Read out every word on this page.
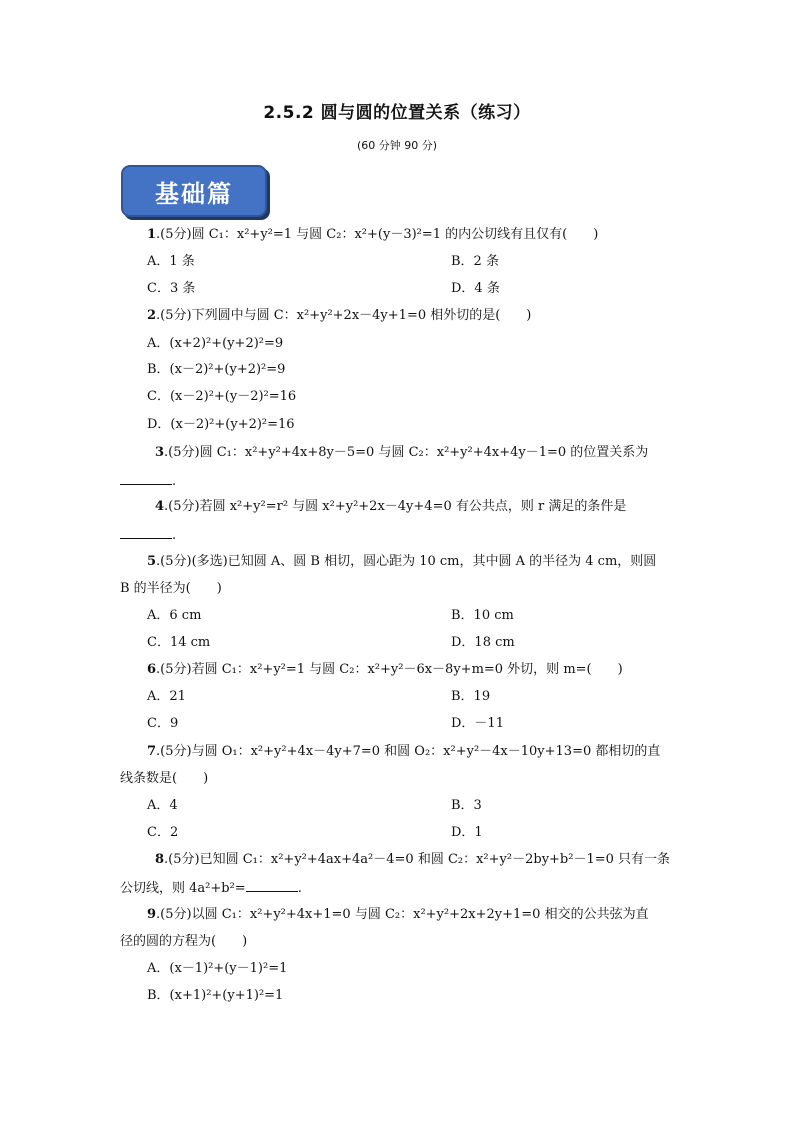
2.5.2 圆与圆的位置关系（练习）
(60 分钟 90 分)
基础篇
1.(5分)圆 C₁：x²+y²=1 与圆 C₂：x²+(y－3)²=1 的内公切线有且仅有(　　)
A．1 条	B．2 条
C．3 条	D．4 条
2.(5分)下列圆中与圆 C：x²+y²+2x－4y+1=0 相外切的是(　　)
A．(x+2)²+(y+2)²=9
B．(x－2)²+(y+2)²=9
C．(x－2)²+(y－2)²=16
D．(x－2)²+(y+2)²=16
3.(5分)圆 C₁：x²+y²+4x+8y－5=0 与圆 C₂：x²+y²+4x+4y－1=0 的位置关系为
.
4.(5分)若圆 x²+y²=r² 与圆 x²+y²+2x－4y+4=0 有公共点，则 r 满足的条件是
.
5.(5分)(多选)已知圆 A、圆 B 相切，圆心距为 10 cm，其中圆 A 的半径为 4 cm，则圆
B 的半径为(　　)
A．6 cm	B．10 cm
C．14 cm	D．18 cm
6.(5分)若圆 C₁：x²+y²=1 与圆 C₂：x²+y²－6x－8y+m=0 外切，则 m=(　　)
A．21	B．19
C．9	D．－11
7.(5分)与圆 O₁：x²+y²+4x－4y+7=0 和圆 O₂：x²+y²－4x－10y+13=0 都相切的直
线条数是(　　)
A．4	B．3
C．2	D．1
8.(5分)已知圆 C₁：x²+y²+4ax+4a²－4=0 和圆 C₂：x²+y²－2by+b²－1=0 只有一条
公切线，则 4a²+b²=	.
9.(5分)以圆 C₁：x²+y²+4x+1=0 与圆 C₂：x²+y²+2x+2y+1=0 相交的公共弦为直
径的圆的方程为(　　)
A．(x－1)²+(y－1)²=1
B．(x+1)²+(y+1)²=1
